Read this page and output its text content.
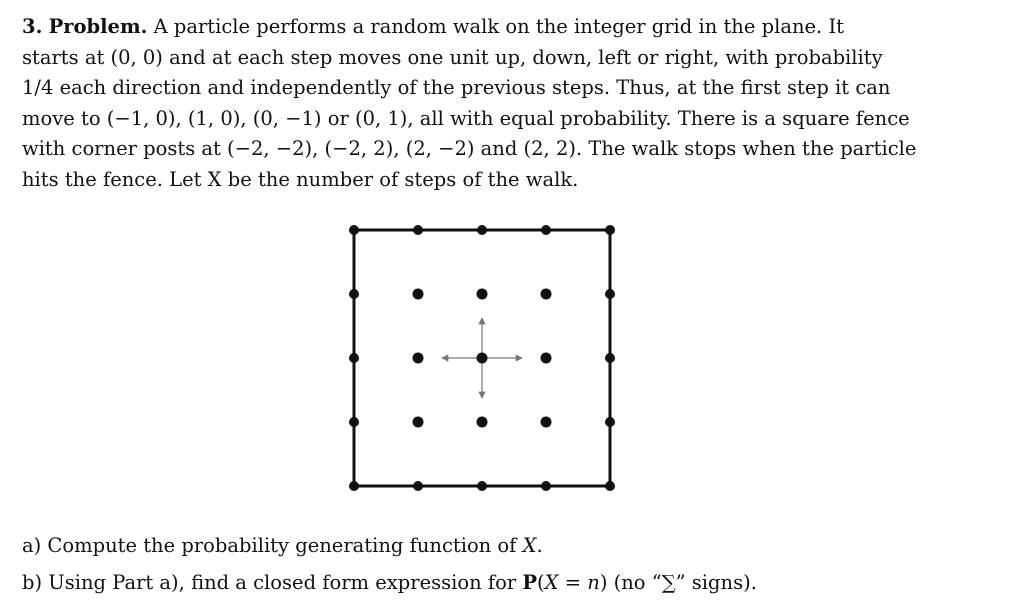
3. Problem. A particle performs a random walk on the integer grid in the plane. It
starts at (0, 0) and at each step moves one unit up, down, left or right, with probability
1/4 each direction and independently of the previous steps. Thus, at the first step it can
move to (−1, 0), (1, 0), (0, −1) or (0, 1), all with equal probability. There is a square fence
with corner posts at (−2, −2), (−2, 2), (2, −2) and (2, 2). The walk stops when the particle
hits the fence. Let X be the number of steps of the walk.
a) Compute the probability generating function of X.
b) Using Part a), find a closed form expression for P(X = n) (no “∑” signs).
